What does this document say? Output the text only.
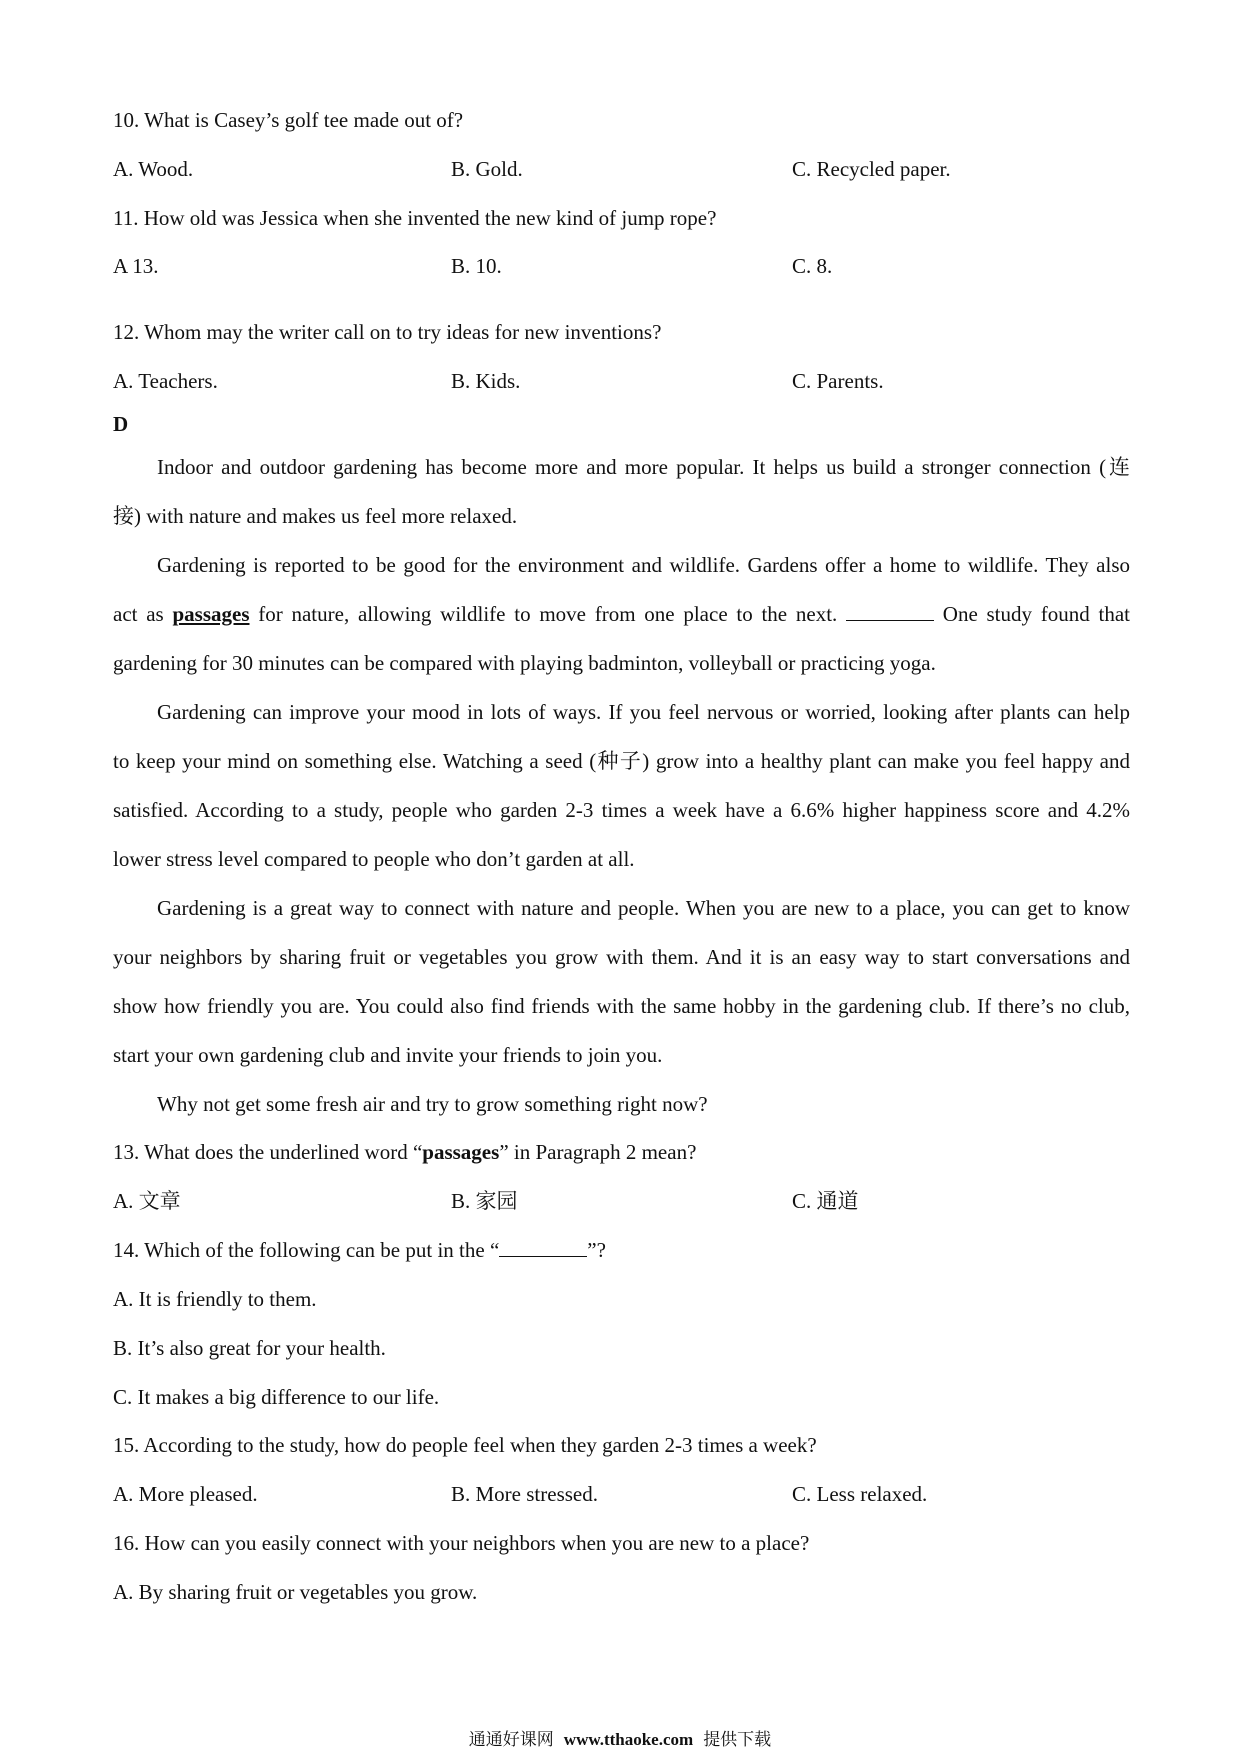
10. What is Casey’s golf tee made out of?
A. Wood.	B. Gold.	C. Recycled paper.
11. How old was Jessica when she invented the new kind of jump rope?
A 13.	B. 10.	C. 8.
12. Whom may the writer call on to try ideas for new inventions?
A. Teachers.	B. Kids.	C. Parents.
D
Indoor and outdoor gardening has become more and more popular. It helps us build a stronger connection (连
接) with nature and makes us feel more relaxed.
Gardening is reported to be good for the environment and wildlife. Gardens offer a home to wildlife. They also
act as passages for nature, allowing wildlife to move from one place to the next.	One study found that
gardening for 30 minutes can be compared with playing badminton, volleyball or practicing yoga.
Gardening can improve your mood in lots of ways. If you feel nervous or worried, looking after plants can help
to keep your mind on something else. Watching a seed (种子) grow into a healthy plant can make you feel happy and
satisfied. According to a study, people who garden 2-3 times a week have a 6.6% higher happiness score and 4.2%
lower stress level compared to people who don’t garden at all.
Gardening is a great way to connect with nature and people. When you are new to a place, you can get to know
your neighbors by sharing fruit or vegetables you grow with them. And it is an easy way to start conversations and
show how friendly you are. You could also find friends with the same hobby in the gardening club. If there’s no club,
start your own gardening club and invite your friends to join you.
Why not get some fresh air and try to grow something right now?
13. What does the underlined word “passages” in Paragraph 2 mean?
A. 文章	B. 家园	C. 通道
14. Which of the following can be put in the “	”?
A. It is friendly to them.
B. It’s also great for your health.
C. It makes a big difference to our life.
15. According to the study, how do people feel when they garden 2-3 times a week?
A. More pleased.	B. More stressed.	C. Less relaxed.
16. How can you easily connect with your neighbors when you are new to a place?
A. By sharing fruit or vegetables you grow.
通通好课网 www.tthaoke.com 提供下载
